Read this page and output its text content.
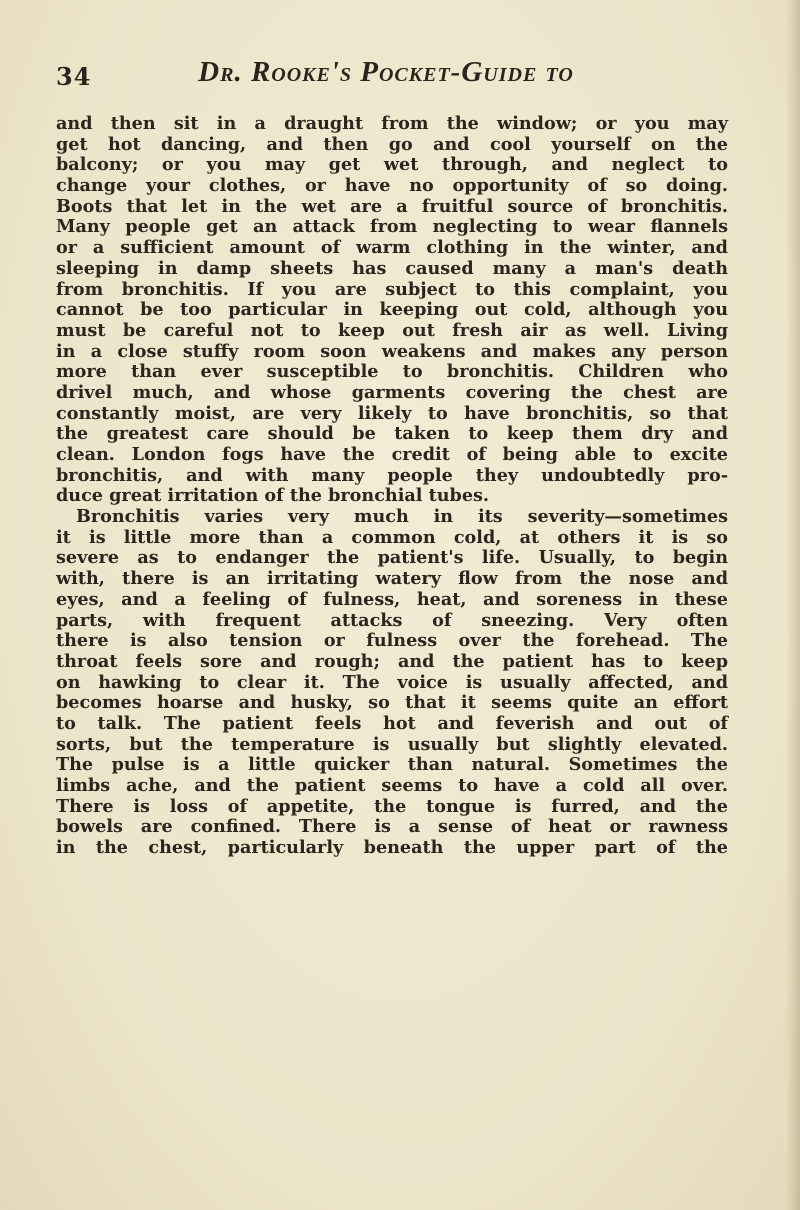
34	Dr. Rooke's Pocket-Guide to
and then sit in a draught from the window; or you may
get hot dancing, and then go and cool yourself on the
balcony; or you may get wet through, and neglect to
change your clothes, or have no opportunity of so doing.
Boots that let in the wet are a fruitful source of bronchitis.
Many people get an attack from neglecting to wear flannels
or a sufficient amount of warm clothing in the winter, and
sleeping in damp sheets has caused many a man's death
from bronchitis. If you are subject to this complaint, you
cannot be too particular in keeping out cold, although you
must be careful not to keep out fresh air as well. Living
in a close stuffy room soon weakens and makes any person
more than ever susceptible to bronchitis. Children who
drivel much, and whose garments covering the chest are
constantly moist, are very likely to have bronchitis, so that
the greatest care should be taken to keep them dry and
clean. London fogs have the credit of being able to excite
bronchitis, and with many people they undoubtedly pro-
duce great irritation of the bronchial tubes.
Bronchitis varies very much in its severity—sometimes
it is little more than a common cold, at others it is so
severe as to endanger the patient's life. Usually, to begin
with, there is an irritating watery flow from the nose and
eyes, and a feeling of fulness, heat, and soreness in these
parts, with frequent attacks of sneezing. Very often
there is also tension or fulness over the forehead. The
throat feels sore and rough; and the patient has to keep
on hawking to clear it. The voice is usually affected, and
becomes hoarse and husky, so that it seems quite an effort
to talk. The patient feels hot and feverish and out of
sorts, but the temperature is usually but slightly elevated.
The pulse is a little quicker than natural. Sometimes the
limbs ache, and the patient seems to have a cold all over.
There is loss of appetite, the tongue is furred, and the
bowels are confined. There is a sense of heat or rawness
in the chest, particularly beneath the upper part of the
